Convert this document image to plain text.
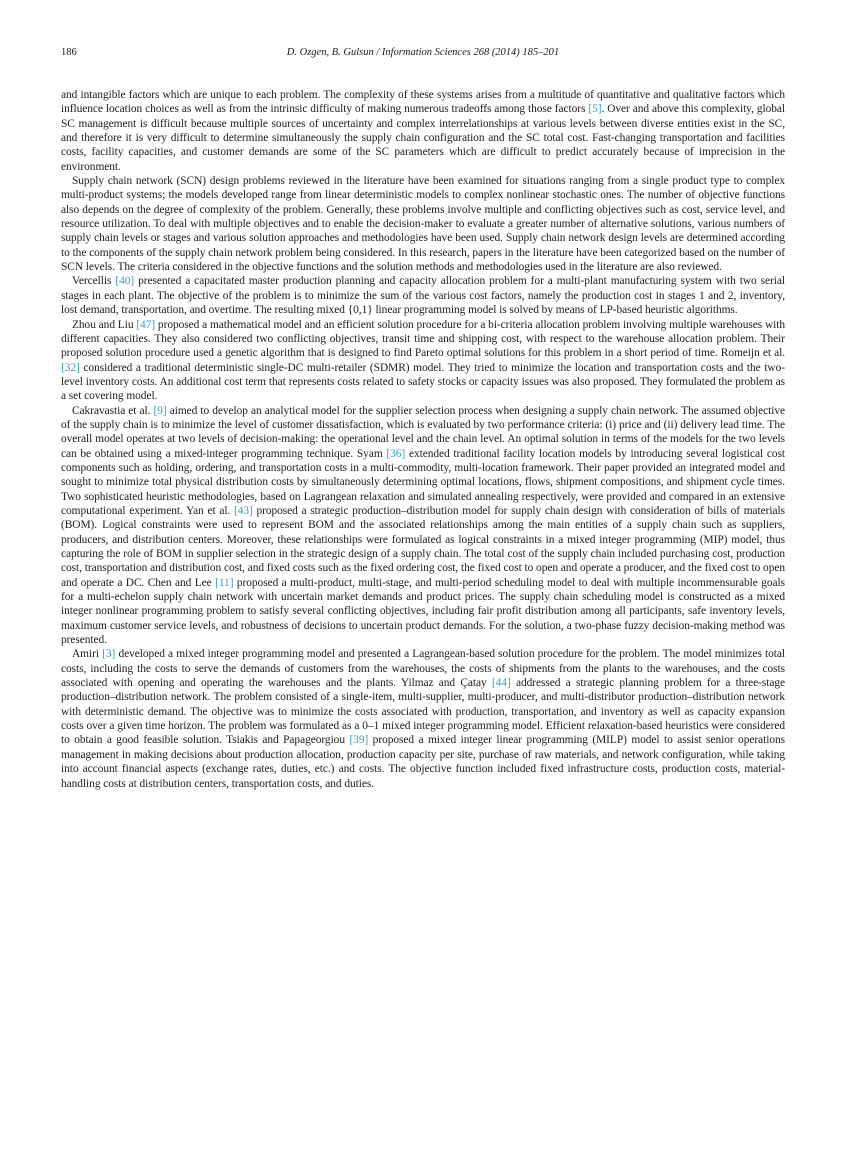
186	D. Ozgen, B. Gulsun / Information Sciences 268 (2014) 185–201

and intangible factors which are unique to each problem. The complexity of these systems arises from a multitude of quantitative and qualitative factors which influence location choices as well as from the intrinsic difficulty of making numerous tradeoffs among those factors [5]. Over and above this complexity, global SC management is difficult because multiple sources of uncertainty and complex interrelationships at various levels between diverse entities exist in the SC, and therefore it is very difficult to determine simultaneously the supply chain configuration and the SC total cost. Fast-changing transportation and facilities costs, facility capacities, and customer demands are some of the SC parameters which are difficult to predict accurately because of imprecision in the environment.

Supply chain network (SCN) design problems reviewed in the literature have been examined for situations ranging from a single product type to complex multi-product systems; the models developed range from linear deterministic models to complex nonlinear stochastic ones. The number of objective functions also depends on the degree of complexity of the problem. Generally, these problems involve multiple and conflicting objectives such as cost, service level, and resource utilization. To deal with multiple objectives and to enable the decision-maker to evaluate a greater number of alternative solutions, various numbers of supply chain levels or stages and various solution approaches and methodologies have been used. Supply chain network design levels are determined according to the components of the supply chain network problem being considered. In this research, papers in the literature have been categorized based on the number of SCN levels. The criteria considered in the objective functions and the solution methods and methodologies used in the literature are also reviewed.

Vercellis [40] presented a capacitated master production planning and capacity allocation problem for a multi-plant manufacturing system with two serial stages in each plant. The objective of the problem is to minimize the sum of the various cost factors, namely the production cost in stages 1 and 2, inventory, lost demand, transportation, and overtime. The resulting mixed {0,1} linear programming model is solved by means of LP-based heuristic algorithms.

Zhou and Liu [47] proposed a mathematical model and an efficient solution procedure for a bi-criteria allocation problem involving multiple warehouses with different capacities. They also considered two conflicting objectives, transit time and shipping cost, with respect to the warehouse allocation problem. Their proposed solution procedure used a genetic algorithm that is designed to find Pareto optimal solutions for this problem in a short period of time. Romeijn et al. [32] considered a traditional deterministic single-DC multi-retailer (SDMR) model. They tried to minimize the location and transportation costs and the two-level inventory costs. An additional cost term that represents costs related to safety stocks or capacity issues was also proposed. They formulated the problem as a set covering model.

Cakravastia et al. [9] aimed to develop an analytical model for the supplier selection process when designing a supply chain network. The assumed objective of the supply chain is to minimize the level of customer dissatisfaction, which is evaluated by two performance criteria: (i) price and (ii) delivery lead time. The overall model operates at two levels of decision-making: the operational level and the chain level. An optimal solution in terms of the models for the two levels can be obtained using a mixed-integer programming technique. Syam [36] extended traditional facility location models by introducing several logistical cost components such as holding, ordering, and transportation costs in a multi-commodity, multi-location framework. Their paper provided an integrated model and sought to minimize total physical distribution costs by simultaneously determining optimal locations, flows, shipment compositions, and shipment cycle times. Two sophisticated heuristic methodologies, based on Lagrangean relaxation and simulated annealing respectively, were provided and compared in an extensive computational experiment. Yan et al. [43] proposed a strategic production–distribution model for supply chain design with consideration of bills of materials (BOM). Logical constraints were used to represent BOM and the associated relationships among the main entities of a supply chain such as suppliers, producers, and distribution centers. Moreover, these relationships were formulated as logical constraints in a mixed integer programming (MIP) model, thus capturing the role of BOM in supplier selection in the strategic design of a supply chain. The total cost of the supply chain included purchasing cost, production cost, transportation and distribution cost, and fixed costs such as the fixed ordering cost, the fixed cost to open and operate a producer, and the fixed cost to open and operate a DC. Chen and Lee [11] proposed a multi-product, multi-stage, and multi-period scheduling model to deal with multiple incommensurable goals for a multi-echelon supply chain network with uncertain market demands and product prices. The supply chain scheduling model is constructed as a mixed integer nonlinear programming problem to satisfy several conflicting objectives, including fair profit distribution among all participants, safe inventory levels, maximum customer service levels, and robustness of decisions to uncertain product demands. For the solution, a two-phase fuzzy decision-making method was presented.

Amiri [3] developed a mixed integer programming model and presented a Lagrangean-based solution procedure for the problem. The model minimizes total costs, including the costs to serve the demands of customers from the warehouses, the costs of shipments from the plants to the warehouses, and the costs associated with opening and operating the warehouses and the plants. Yilmaz and Çatay [44] addressed a strategic planning problem for a three-stage production–distribution network. The problem consisted of a single-item, multi-supplier, multi-producer, and multi-distributor production–distribution network with deterministic demand. The objective was to minimize the costs associated with production, transportation, and inventory as well as capacity expansion costs over a given time horizon. The problem was formulated as a 0–1 mixed integer programming model. Efficient relaxation-based heuristics were considered to obtain a good feasible solution. Tsiakis and Papageorgiou [39] proposed a mixed integer linear programming (MILP) model to assist senior operations management in making decisions about production allocation, production capacity per site, purchase of raw materials, and network configuration, while taking into account financial aspects (exchange rates, duties, etc.) and costs. The objective function included fixed infrastructure costs, production costs, material-handling costs at distribution centers, transportation costs, and duties.
